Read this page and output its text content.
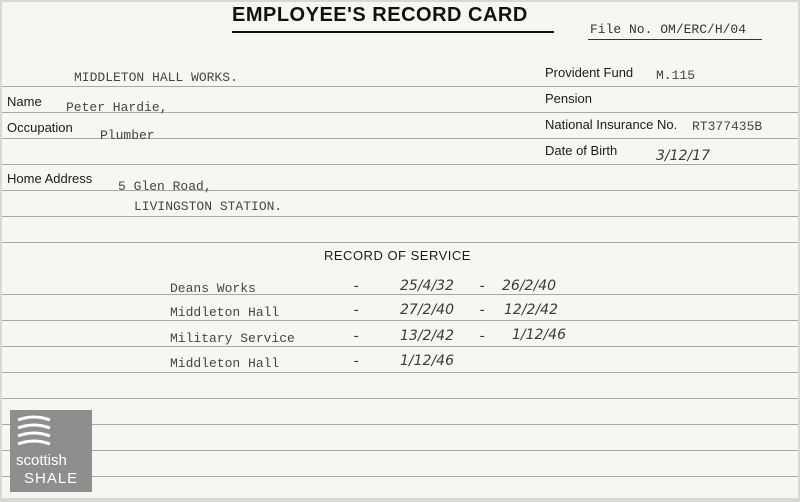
EMPLOYEE'S RECORD CARD
File No. OM/ERC/H/04
MIDDLETON HALL WORKS.	Provident Fund M.115
Pension
National Insurance No. RT377435B
Date of Birth	3/12/17
Name Peter Hardie,
Occupation
Plumber
Home Address
5 Glen Road,
LIVINGSTON STATION.
RECORD OF SERVICE
Deans Works	-	25/4/32 - 26/2/40
Middleton Hall	-	27/2/40 - 12/2/42
Military Service	-	13/2/42 - 1/12/46
Middleton Hall	-	1/12/46
scottish
SHALE
